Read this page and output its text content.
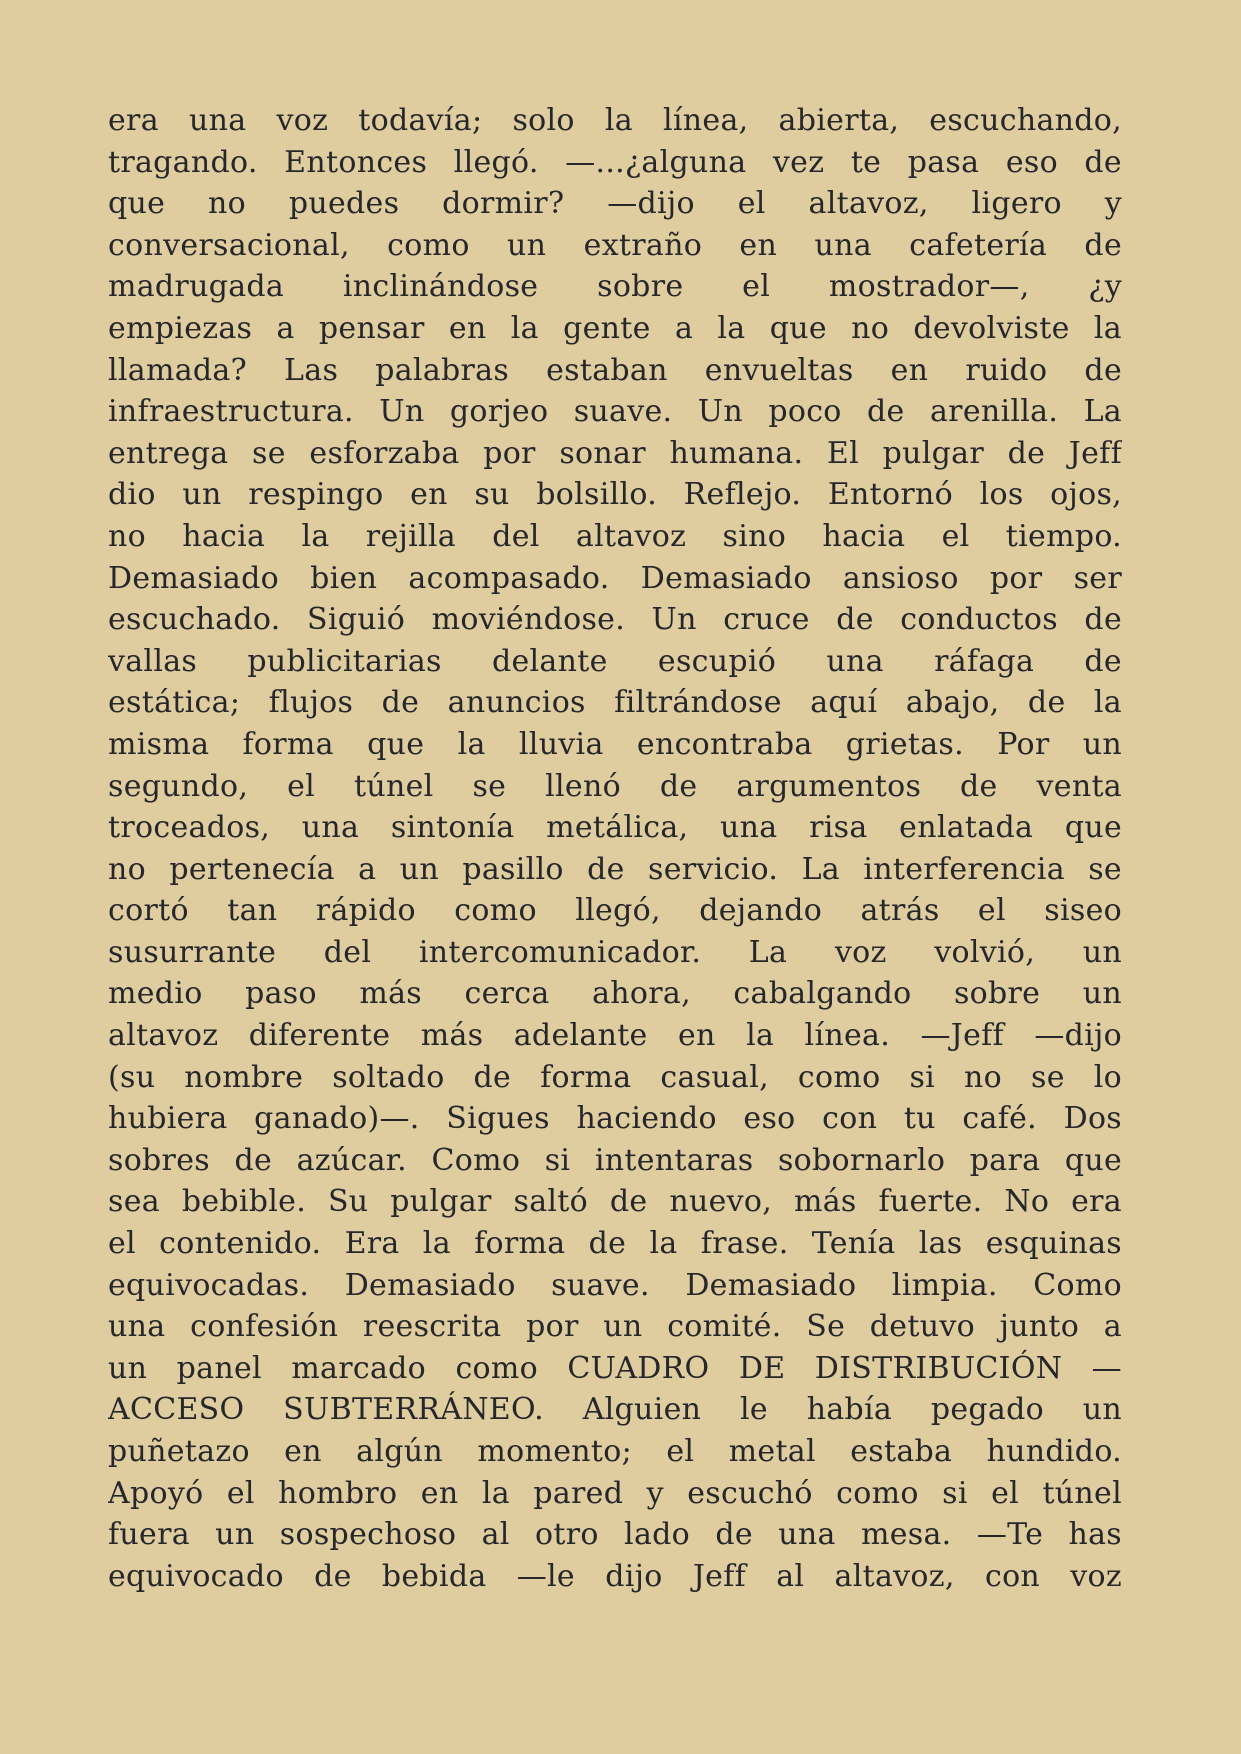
era una voz todavía; solo la línea, abierta, escuchando,
tragando. Entonces llegó. —...¿alguna vez te pasa eso de
que no puedes dormir? —dijo el altavoz, ligero y
conversacional, como un extraño en una cafetería de
madrugada inclinándose sobre el mostrador—, ¿y
empiezas a pensar en la gente a la que no devolviste la
llamada? Las palabras estaban envueltas en ruido de
infraestructura. Un gorjeo suave. Un poco de arenilla. La
entrega se esforzaba por sonar humana. El pulgar de Jeff
dio un respingo en su bolsillo. Reflejo. Entornó los ojos,
no hacia la rejilla del altavoz sino hacia el tiempo.
Demasiado bien acompasado. Demasiado ansioso por ser
escuchado. Siguió moviéndose. Un cruce de conductos de
vallas publicitarias delante escupió una ráfaga de
estática; flujos de anuncios filtrándose aquí abajo, de la
misma forma que la lluvia encontraba grietas. Por un
segundo, el túnel se llenó de argumentos de venta
troceados, una sintonía metálica, una risa enlatada que
no pertenecía a un pasillo de servicio. La interferencia se
cortó tan rápido como llegó, dejando atrás el siseo
susurrante del intercomunicador. La voz volvió, un
medio paso más cerca ahora, cabalgando sobre un
altavoz diferente más adelante en la línea. —Jeff —dijo
(su nombre soltado de forma casual, como si no se lo
hubiera ganado)—. Sigues haciendo eso con tu café. Dos
sobres de azúcar. Como si intentaras sobornarlo para que
sea bebible. Su pulgar saltó de nuevo, más fuerte. No era
el contenido. Era la forma de la frase. Tenía las esquinas
equivocadas. Demasiado suave. Demasiado limpia. Como
una confesión reescrita por un comité. Se detuvo junto a
un panel marcado como CUADRO DE DISTRIBUCIÓN —
ACCESO SUBTERRÁNEO. Alguien le había pegado un
puñetazo en algún momento; el metal estaba hundido.
Apoyó el hombro en la pared y escuchó como si el túnel
fuera un sospechoso al otro lado de una mesa. —Te has
equivocado de bebida —le dijo Jeff al altavoz, con voz
